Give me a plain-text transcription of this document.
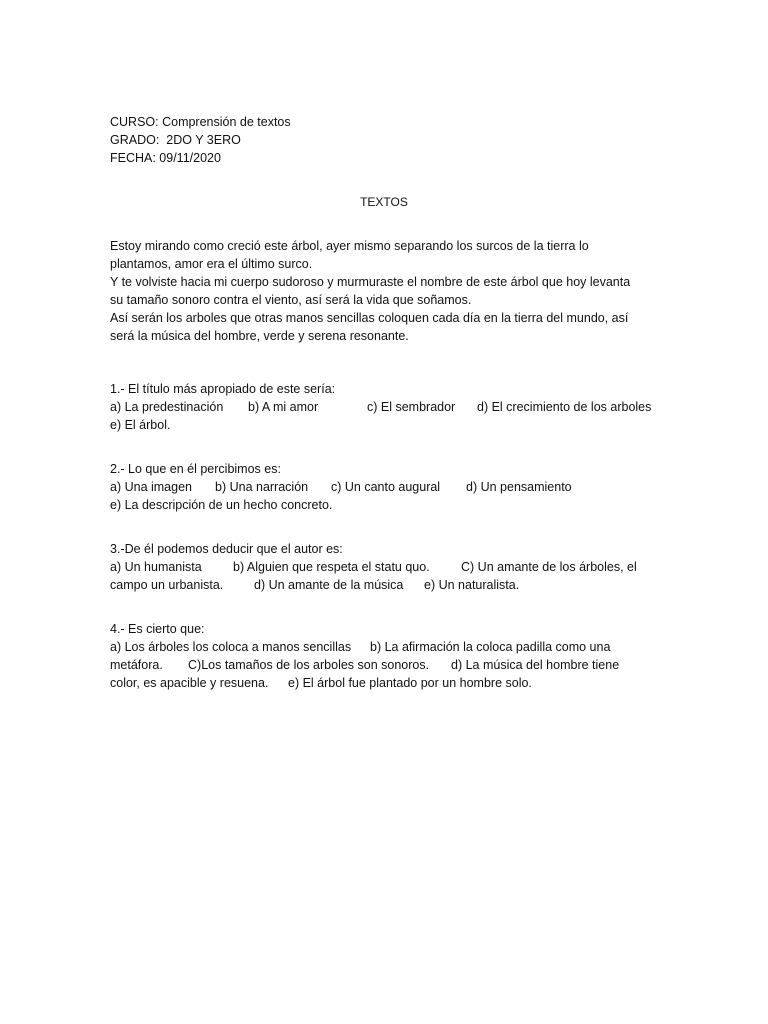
CURSO: Comprensión de textos
GRADO:  2DO Y 3ERO
FECHA: 09/11/2020
TEXTOS
Estoy mirando como creció este árbol, ayer mismo separando los surcos de la tierra lo
plantamos, amor era el último surco.
Y te volviste hacia mi cuerpo sudoroso y murmuraste el nombre de este árbol que hoy levanta
su tamaño sonoro contra el viento, así será la vida que soñamos.
Así serán los arboles que otras manos sencillas coloquen cada día en la tierra del mundo, así
será la música del hombre, verde y serena resonante.
1.- El título más apropiado de este sería:
a) La predestinación b) A mi amor	c) El sembrador d) El crecimiento de los arboles
e) El árbol.
2.- Lo que en él percibimos es:
a) Una imagen b) Una narración c) Un canto augural d) Un pensamiento
e) La descripción de un hecho concreto.
3.-De él podemos deducir que el autor es:
a) Un humanista	b) Alguien que respeta el statu quo.	C) Un amante de los árboles, el
campo un urbanista. d) Un amante de la música e) Un naturalista.
4.- Es cierto que:
a) Los árboles los coloca a manos sencillas b) La afirmación la coloca padilla como una
metáfora. C)Los tamaños de los arboles son sonoros. d) La música del hombre tiene
color, es apacible y resuena. e) El árbol fue plantado por un hombre solo.
